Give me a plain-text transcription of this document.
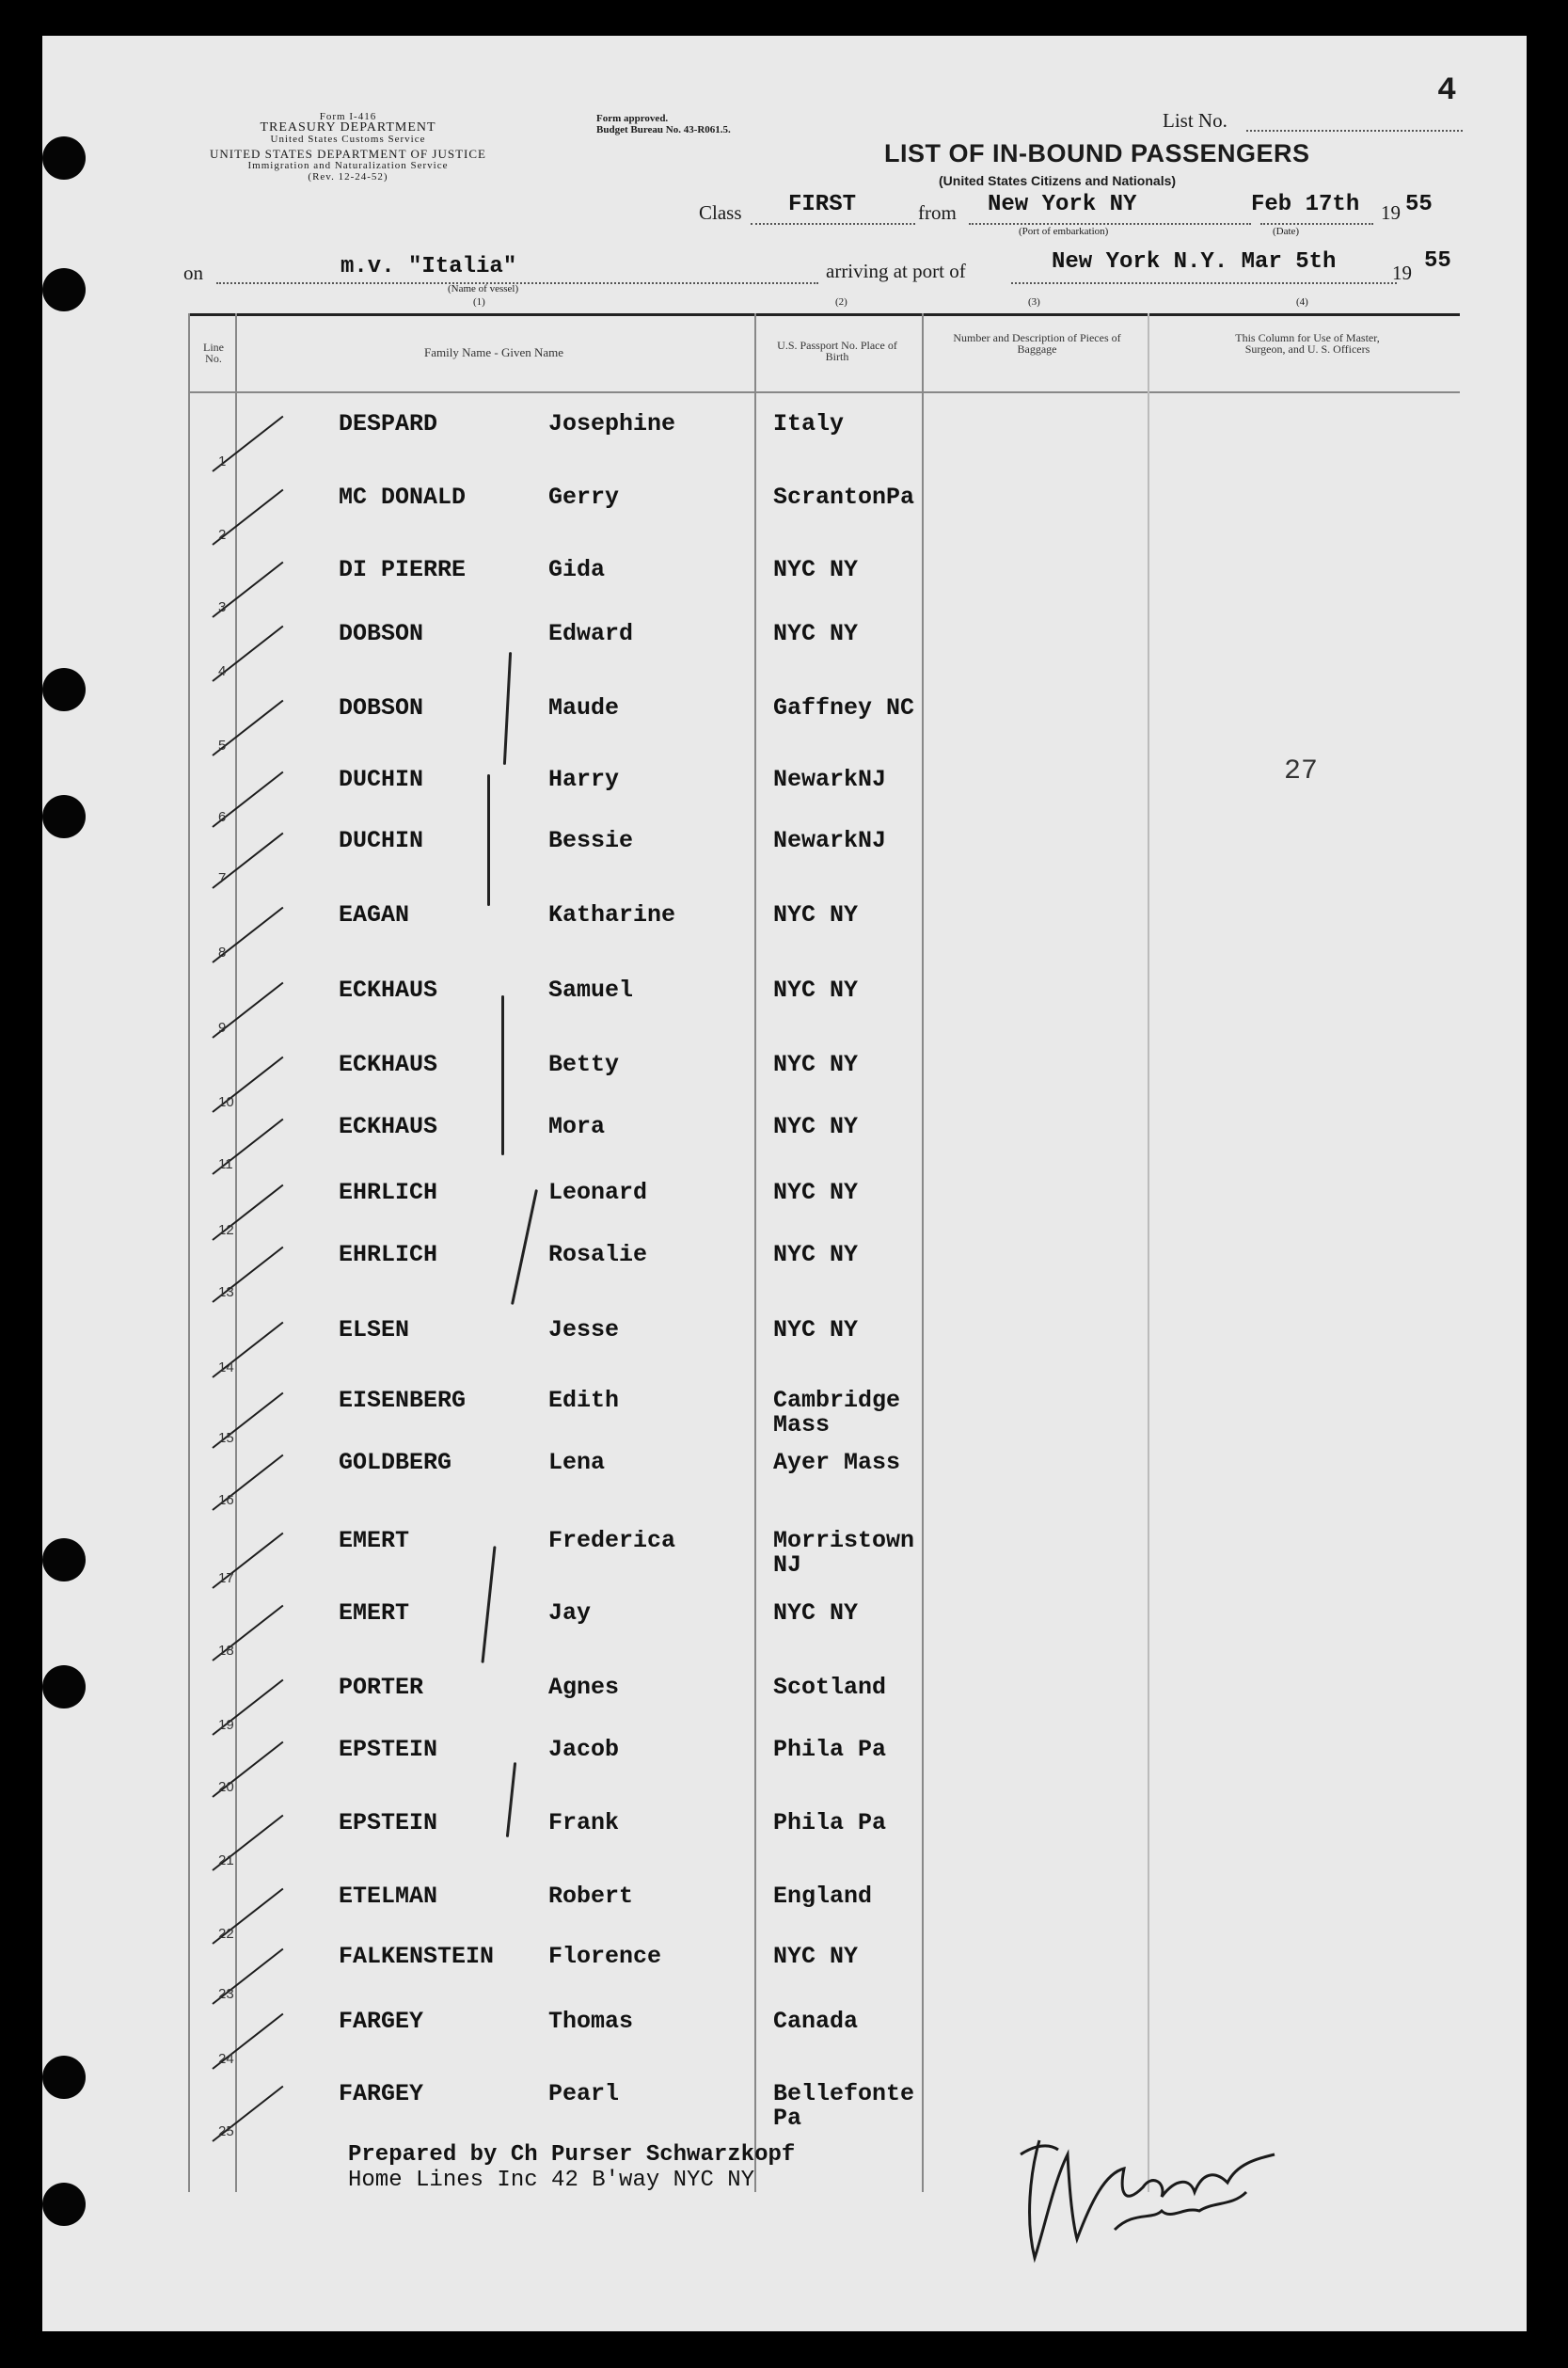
4
Form I-416
TREASURY DEPARTMENT
United States Customs Service
UNITED STATES DEPARTMENT OF JUSTICE
Immigration and Naturalization Service
(Rev. 12-24-52)
Form approved.
Budget Bureau No. 43-R061.5.	List No.
LIST OF IN-BOUND PASSENGERS
(United States Citizens and Nationals)
Class FIRST	from New York NY
(Port of embarkation)
Feb 17th
(Date)
19 55
on	m.v. "Italia"
(Name of vessel)
(1)
arriving at port of	New York N.Y. Mar 5th	19 55
(2)	(3)	(4)
Line No.	Family Name - Given Name	U.S. Passport No. Place of Birth
Number and Description of Pieces of Baggage
This Column for Use of Master, Surgeon, and U. S. Officers
1
DESPARD	Josephine	Italy
2
MC DONALD	Gerry	ScrantonPa
3
DI PIERRE	Gida	NYC NY
4
DOBSON	Edward	NYC NY
5
DOBSON	Maude	Gaffney NC
6
DUCHIN	Harry	NewarkNJ
7
DUCHIN	Bessie	NewarkNJ
8
EAGAN	Katharine	NYC NY
9
ECKHAUS	Samuel	NYC NY
10
ECKHAUS	Betty	NYC NY
11
ECKHAUS	Mora	NYC NY
12
EHRLICH	Leonard	NYC NY
13
EHRLICH	Rosalie	NYC NY
14
ELSEN	Jesse	NYC NY
15
EISENBERG	Edith	Cambridge
Mass
16
GOLDBERG	Lena	Ayer Mass
17
EMERT	Frederica	Morristown
NJ
18
EMERT	Jay	NYC NY
19
PORTER	Agnes	Scotland
20
EPSTEIN	Jacob	Phila Pa
21
EPSTEIN	Frank	Phila Pa
22
ETELMAN	Robert	England
23
FALKENSTEIN Florence	NYC NY
24
FARGEY	Thomas	Canada
25
FARGEY	Pearl	Bellefonte
Pa
27
Prepared by Ch Purser Schwarzkopf
Home Lines Inc 42 B'way NYC NY
